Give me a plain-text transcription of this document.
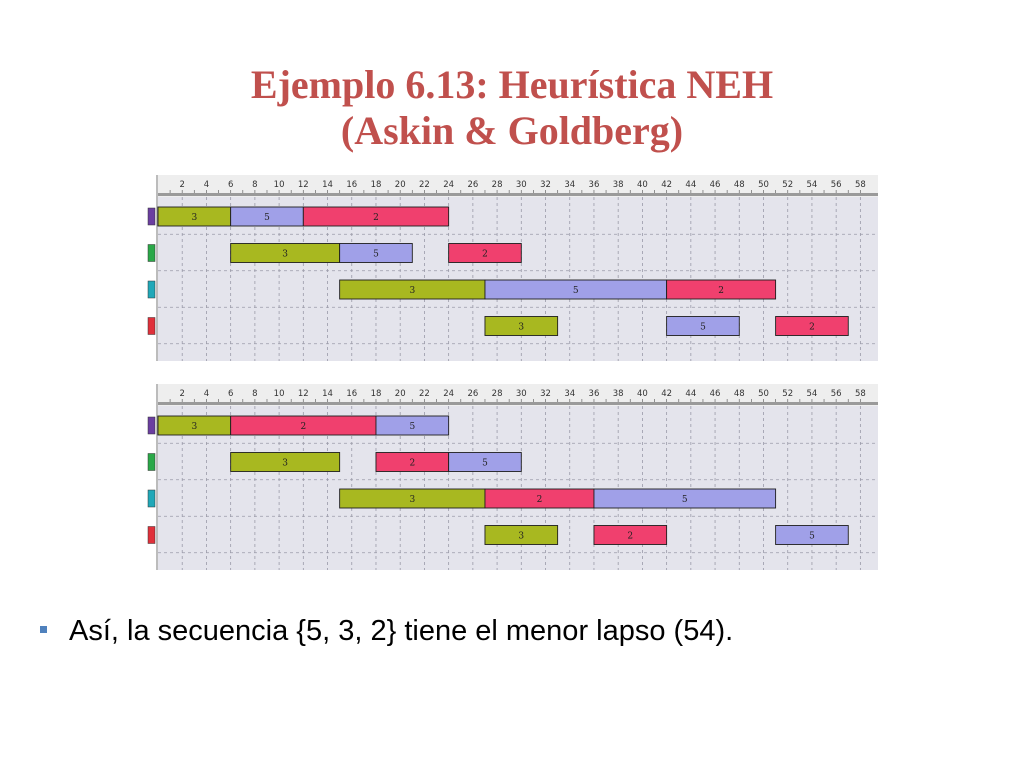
Ejemplo 6.13: Heurística NEH
(Askin & Goldberg)
2 4 6 8 10 12 14 16 18 20 22 24 26 28 30 32 34 36 38 40 42 44 46 48 50 52 54 56 58
3	5	2
3	5	2
3	5	2
3	5	2
2 4 6 8 10 12 14 16 18 20 22 24 26 28 30 32 34 36 38 40 42 44 46 48 50 52 54 56 58
3	2	5
3	2	5
3	2	5
3	2	5
Así, la secuencia {5, 3, 2} tiene el menor lapso (54).
